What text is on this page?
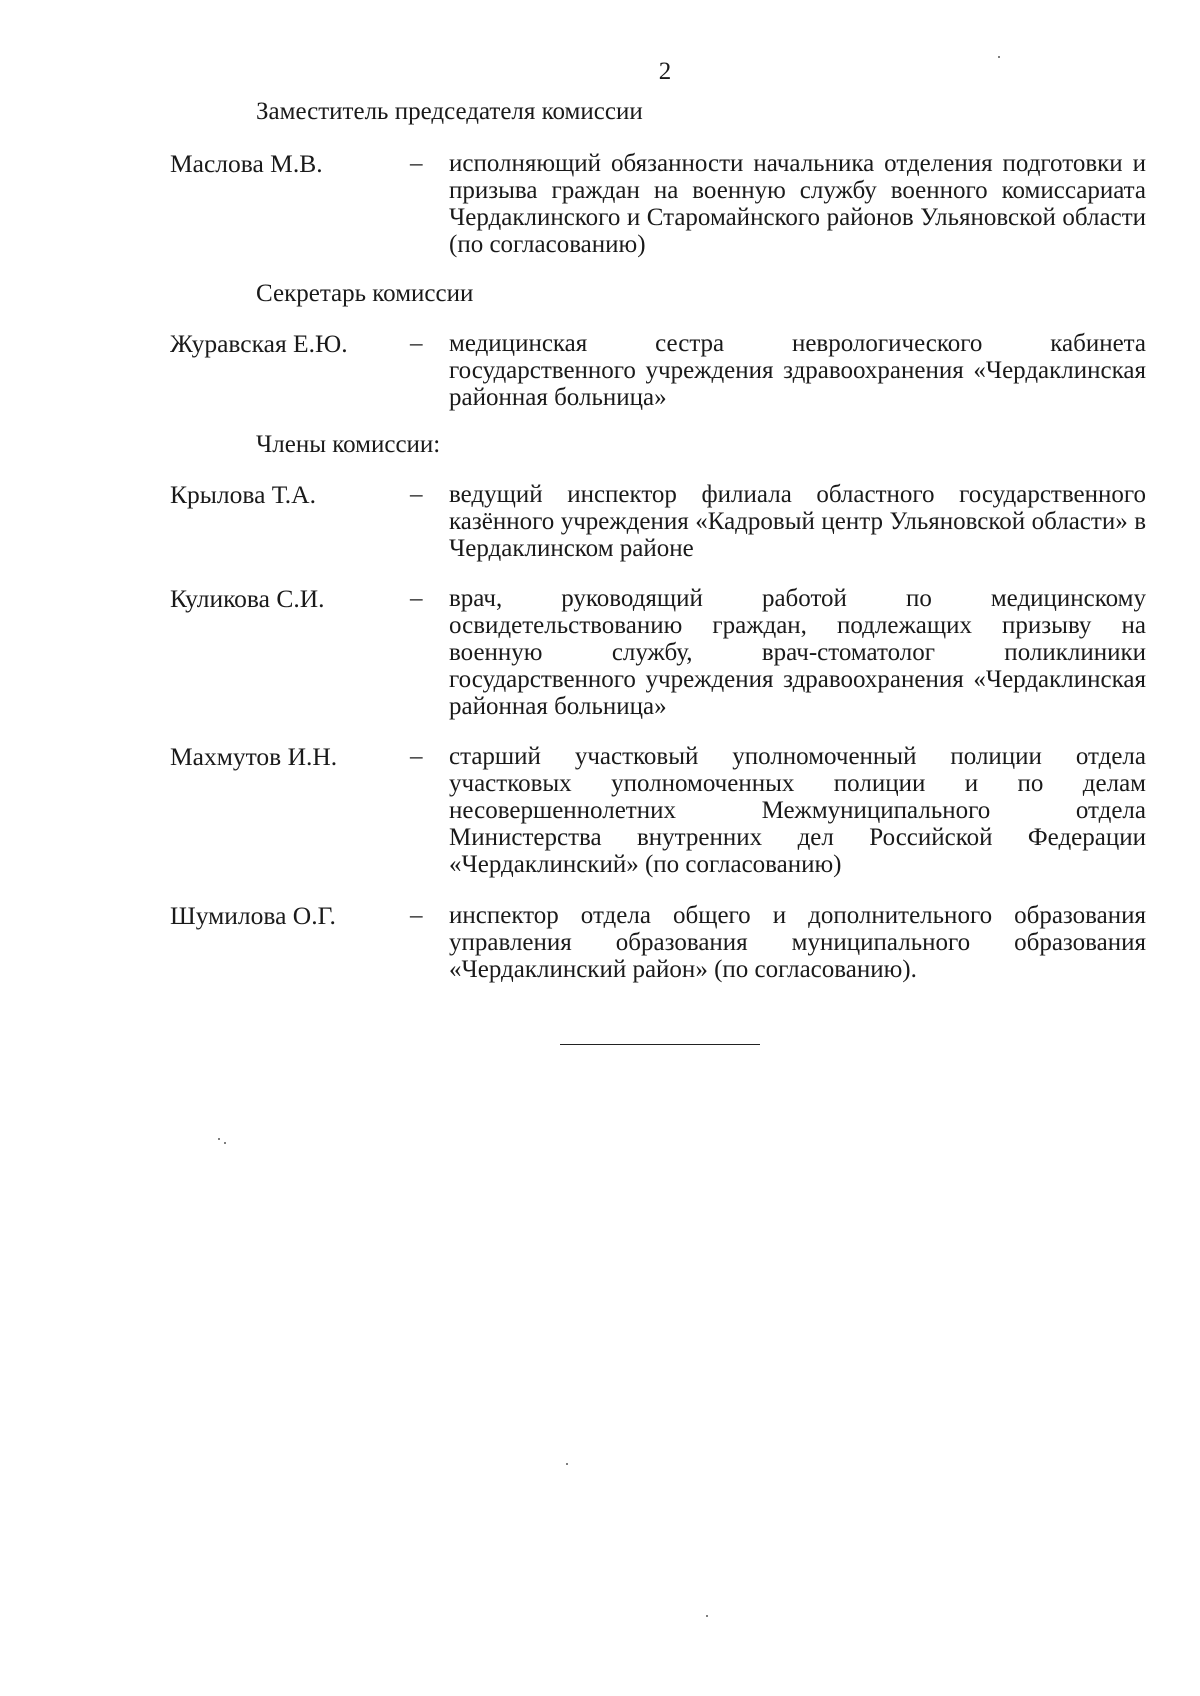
2
Заместитель председателя комиссии
Маслова М.В.	– исполняющий обязанности начальника отделения подготовки и призыва граждан на военную службу военного комиссариата Чердаклинского и Старомайнского районов Ульяновской области (по согласованию)
Секретарь комиссии
Журавская Е.Ю. – медицинская сестра неврологического кабинета государственного учреждения здравоохранения «Чердаклинская районная больница»
Члены комиссии:
Крылова Т.А.	– ведущий инспектор филиала областного государственного казённого учреждения «Кадровый центр Ульяновской области» в Чердаклинском районе
Куликова С.И.	– врач, руководящий работой по медицинскому освидетельствованию граждан, подлежащих призыву на военную службу, врач-стоматолог поликлиники государственного учреждения здравоохранения «Чердаклинская районная больница»
Махмутов И.Н.	– старший участковый уполномоченный полиции отдела участковых уполномоченных полиции и по делам несовершеннолетних Межмуниципального отдела Министерства внутренних дел Российской Федерации «Чердаклинский» (по согласованию)
Шумилова О.Г.	– инспектор отдела общего и дополнительного образования управления образования муниципального образования «Чердаклинский район» (по согласованию).
